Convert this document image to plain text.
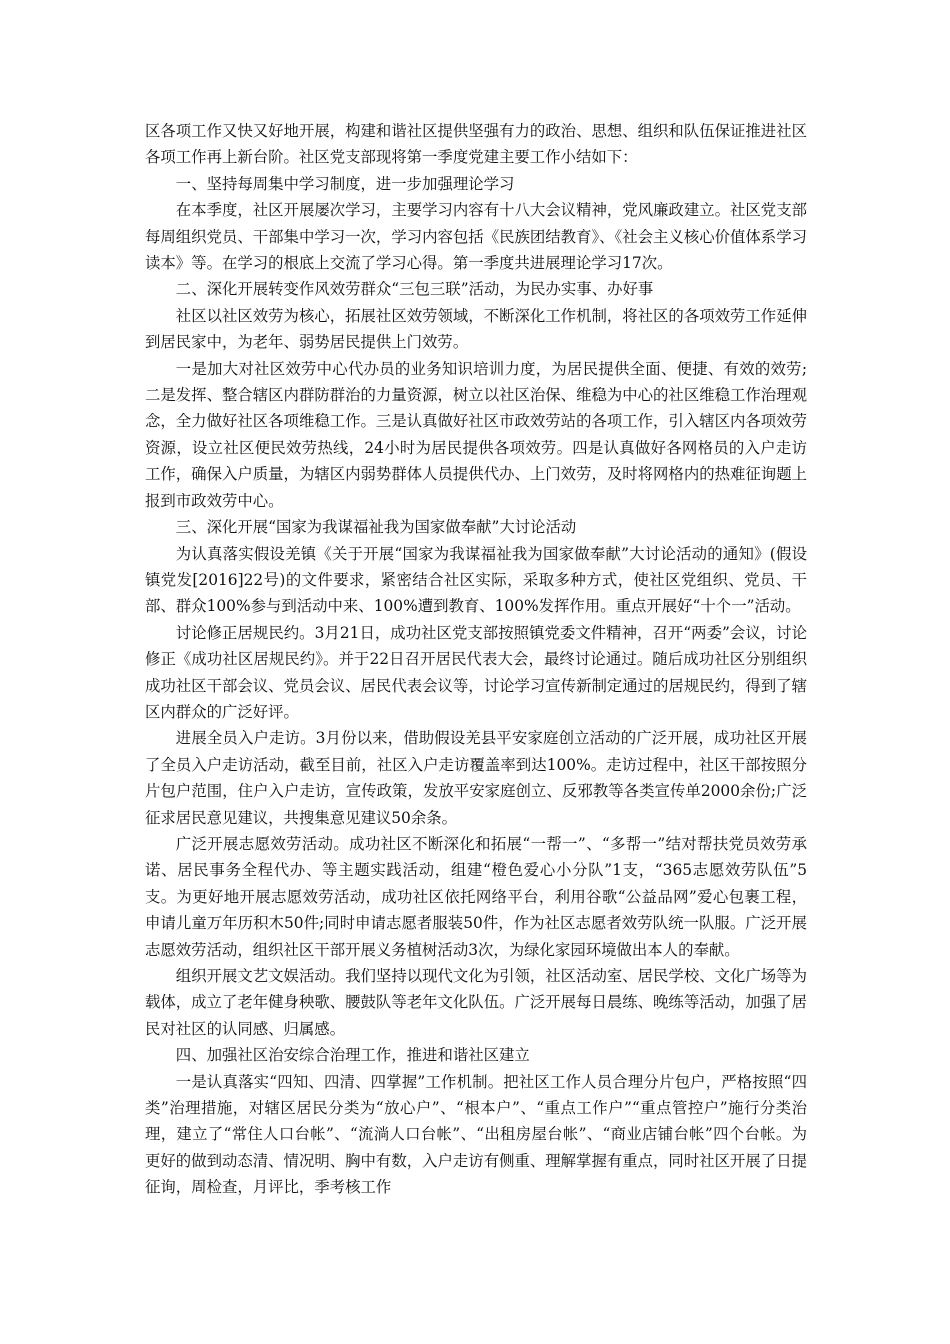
区各项工作又快又好地开展，构建和谐社区提供坚强有力的政治、思想、组织和队伍保证推进社区各项工作再上新台阶。社区党支部现将第一季度党建主要工作小结如下：

一、坚持每周集中学习制度，进一步加强理论学习

在本季度，社区开展屡次学习，主要学习内容有十八大会议精神，党风廉政建立。社区党支部每周组织党员、干部集中学习一次，学习内容包括《民族团结教育》、《社会主义核心价值体系学习读本》等。在学习的根底上交流了学习心得。第一季度共进展理论学习17次。

二、深化开展转变作风效劳群众“三包三联”活动，为民办实事、办好事

社区以社区效劳为核心，拓展社区效劳领域，不断深化工作机制，将社区的各项效劳工作延伸到居民家中，为老年、弱势居民提供上门效劳。

一是加大对社区效劳中心代办员的业务知识培训力度，为居民提供全面、便捷、有效的效劳;二是发挥、整合辖区内群防群治的力量资源，树立以社区治保、维稳为中心的社区维稳工作治理观念，全力做好社区各项维稳工作。三是认真做好社区市政效劳站的各项工作，引入辖区内各项效劳资源，设立社区便民效劳热线，24小时为居民提供各项效劳。四是认真做好各网格员的入户走访工作，确保入户质量，为辖区内弱势群体人员提供代办、上门效劳，及时将网格内的热难征询题上报到市政效劳中心。

三、深化开展“国家为我谋福祉我为国家做奉献”大讨论活动

为认真落实假设羌镇《关于开展“国家为我谋福祉我为国家做奉献”大讨论活动的通知》(假设镇党发[2016]22号)的文件要求，紧密结合社区实际，采取多种方式，使社区党组织、党员、干部、群众100%参与到活动中来、100%遭到教育、100%发挥作用。重点开展好“十个一”活动。

讨论修正居规民约。3月21日，成功社区党支部按照镇党委文件精神，召开“两委”会议，讨论修正《成功社区居规民约》。并于22日召开居民代表大会，最终讨论通过。随后成功社区分别组织成功社区干部会议、党员会议、居民代表会议等，讨论学习宣传新制定通过的居规民约，得到了辖区内群众的广泛好评。

进展全员入户走访。3月份以来，借助假设羌县平安家庭创立活动的广泛开展，成功社区开展了全员入户走访活动，截至目前，社区入户走访覆盖率到达100%。走访过程中，社区干部按照分片包户范围，住户入户走访，宣传政策，发放平安家庭创立、反邪教等各类宣传单2000余份;广泛征求居民意见建议，共搜集意见建议50余条。

广泛开展志愿效劳活动。成功社区不断深化和拓展“一帮一”、“多帮一”结对帮扶党员效劳承诺、居民事务全程代办、等主题实践活动，组建“橙色爱心小分队”1支，“365志愿效劳队伍”5支。为更好地开展志愿效劳活动，成功社区依托网络平台，利用谷歌“公益品网”爱心包裹工程，申请儿童万年历积木50件;同时申请志愿者服装50件，作为社区志愿者效劳队统一队服。广泛开展志愿效劳活动，组织社区干部开展义务植树活动3次，为绿化家园环境做出本人的奉献。

组织开展文艺文娱活动。我们坚持以现代文化为引领，社区活动室、居民学校、文化广场等为载体，成立了老年健身秧歌、腰鼓队等老年文化队伍。广泛开展每日晨练、晚练等活动，加强了居民对社区的认同感、归属感。

四、加强社区治安综合治理工作，推进和谐社区建立

一是认真落实“四知、四清、四掌握”工作机制。把社区工作人员合理分片包户，严格按照“四类”治理措施，对辖区居民分类为“放心户”、“根本户”、“重点工作户”“重点管控户”施行分类治理，建立了“常住人口台帐”、“流淌人口台帐”、“出租房屋台帐”、“商业店铺台帐”四个台帐。为更好的做到动态清、情况明、胸中有数，入户走访有侧重、理解掌握有重点，同时社区开展了日提征询，周检查，月评比，季考核工作
